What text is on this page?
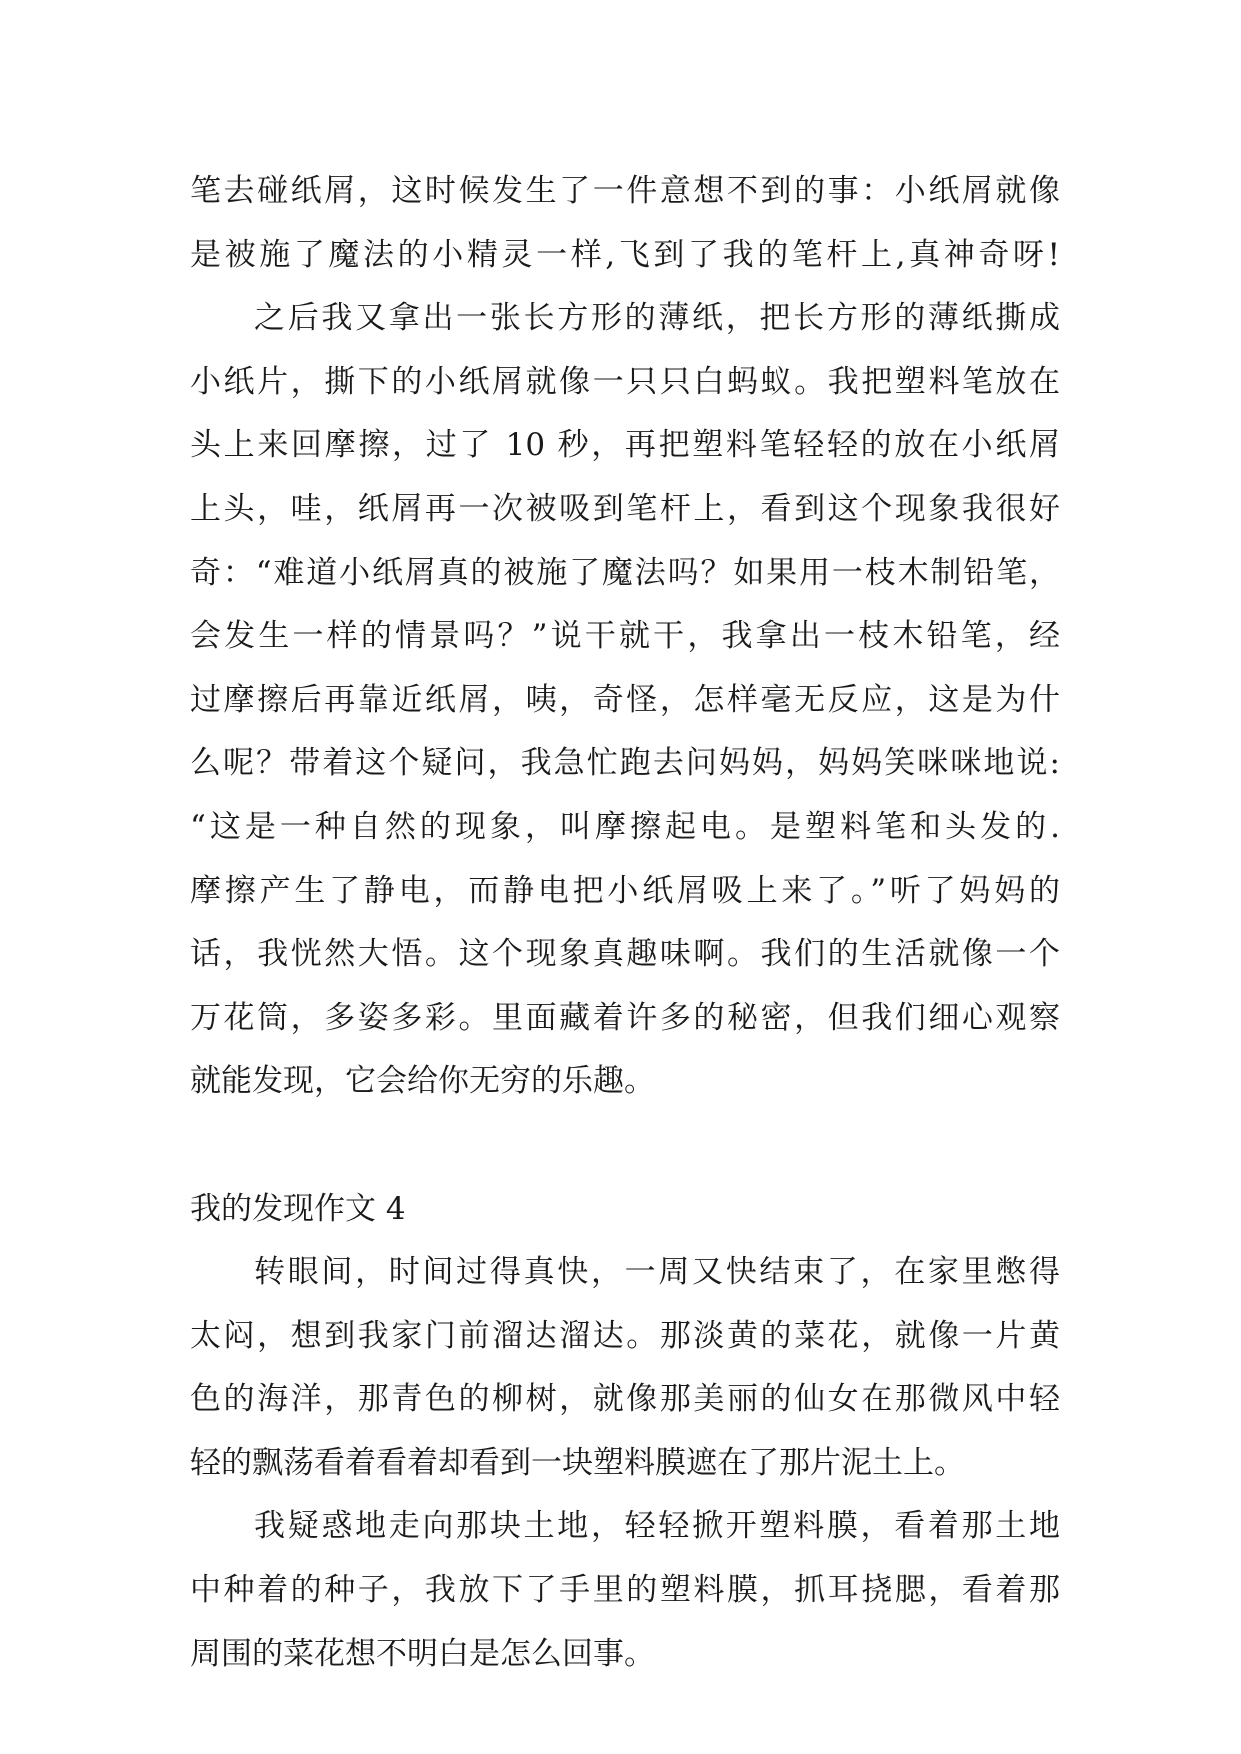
笔去碰纸屑，这时候发生了一件意想不到的事：小纸屑就像
是被施了魔法的小精灵一样,飞到了我的笔杆上,真神奇呀!
之后我又拿出一张长方形的薄纸，把长方形的薄纸撕成
小纸片，撕下的小纸屑就像一只只白蚂蚁。我把塑料笔放在
头上来回摩擦，过了 10 秒，再把塑料笔轻轻的放在小纸屑
上头，哇，纸屑再一次被吸到笔杆上，看到这个现象我很好
奇：“难道小纸屑真的被施了魔法吗？如果用一枝木制铅笔，
会发生一样的情景吗？”说干就干，我拿出一枝木铅笔，经
过摩擦后再靠近纸屑，咦，奇怪，怎样毫无反应，这是为什
么呢？带着这个疑问，我急忙跑去问妈妈，妈妈笑咪咪地说:
“这是一种自然的现象，叫摩擦起电。是塑料笔和头发的.
摩擦产生了静电，而静电把小纸屑吸上来了。”听了妈妈的
话，我恍然大悟。这个现象真趣味啊。我们的生活就像一个
万花筒，多姿多彩。里面藏着许多的秘密，但我们细心观察
就能发现，它会给你无穷的乐趣。
我的发现作文 4
转眼间，时间过得真快，一周又快结束了，在家里憋得
太闷，想到我家门前溜达溜达。那淡黄的菜花，就像一片黄
色的海洋，那青色的柳树，就像那美丽的仙女在那微风中轻
轻的飘荡看着看着却看到一块塑料膜遮在了那片泥土上。
我疑惑地走向那块土地，轻轻掀开塑料膜，看着那土地
中种着的种子，我放下了手里的塑料膜，抓耳挠腮，看着那
周围的菜花想不明白是怎么回事。
